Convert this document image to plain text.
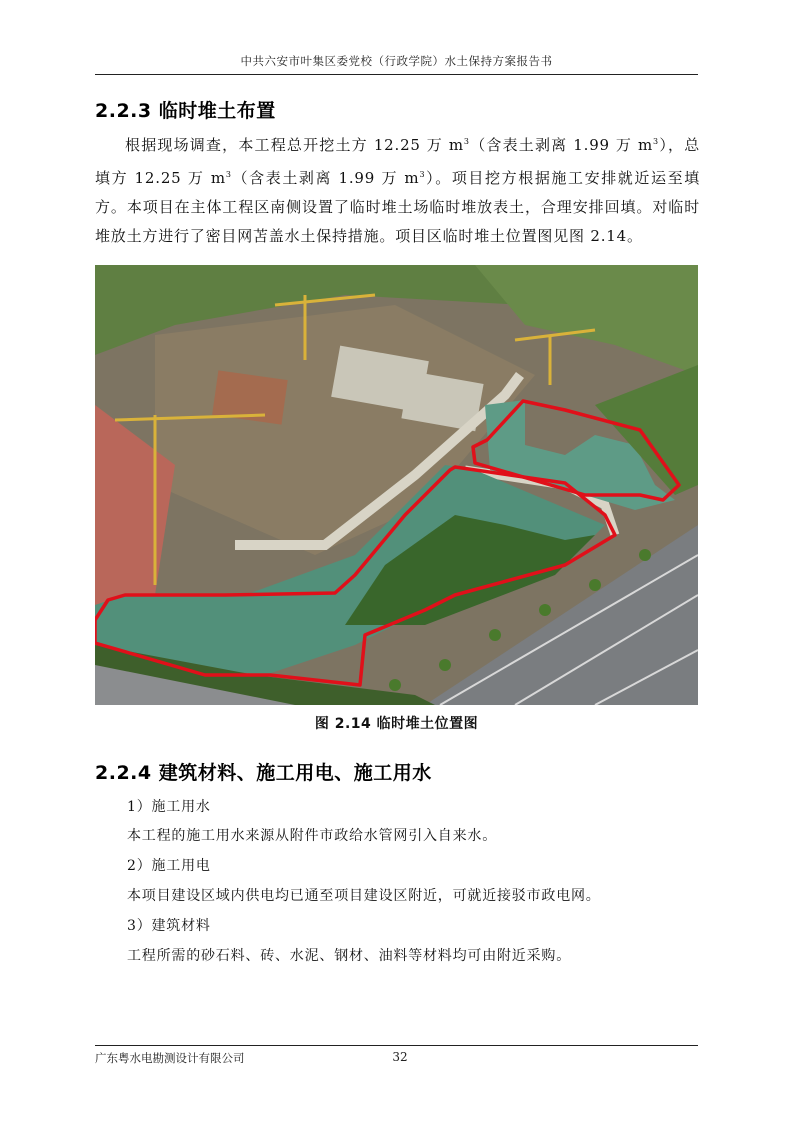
中共六安市叶集区委党校（行政学院）水土保持方案报告书
2.2.3 临时堆土布置

根据现场调查，本工程总开挖土方 12.25 万 $m^3$（含表土剥离 1.99 万 $m^3$），总填方 12.25 万 $m^3$（含表土剥离 1.99 万 $m^3$）。项目挖方根据施工安排就近运至填方。本项目在主体工程区南侧设置了临时堆土场临时堆放表土，合理安排回填。对临时堆放土方进行了密目网苫盖水土保持措施。项目区临时堆土位置图见图 2.14。

图 2.14 临时堆土位置图
2.2.4 建筑材料、施工用电、施工用水
1）施工用水
本工程的施工用水来源从附件市政给水管网引入自来水。
2）施工用电
本项目建设区域内供电均已通至项目建设区附近，可就近接驳市政电网。
3）建筑材料
工程所需的砂石料、砖、水泥、钢材、油料等材料均可由附近采购。
广东粤水电勘测设计有限公司	32
